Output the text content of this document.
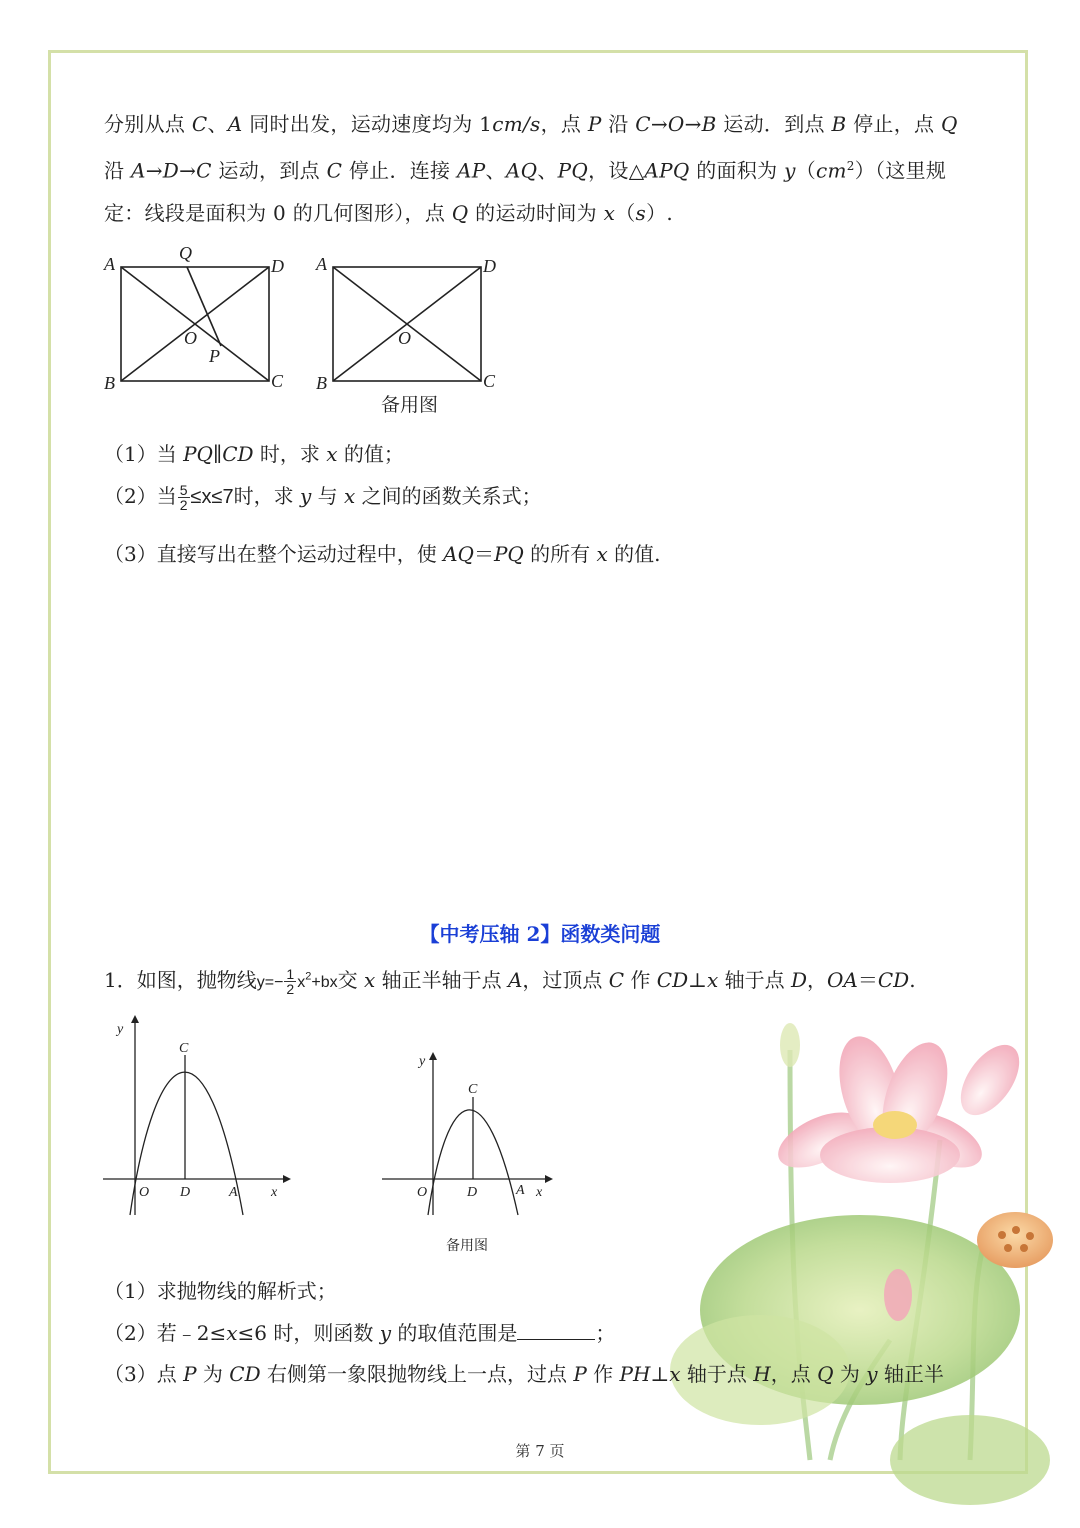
分别从点 C、A 同时出发，运动速度均为 1cm/s，点 P 沿 C→O→B 运动．到点 B 停止，点 Q
沿 A→D→C 运动，到点 C 停止．连接 AP、AQ、PQ，设△APQ 的面积为 $y(cm^2)$（这里规
定：线段是面积为 0 的几何图形），点 Q 的运动时间为 x（s）.
A
Q
D
O
P
B	C
A	D
O
B	C
备用图
（1）当 PQ∥CD 时，求 x 的值；
（2）当 $\frac{5}{2} \le x\le 7$时，求 y 与 x 之间的函数关系式；
（3）直接写出在整个运动过程中，使 AQ＝PQ 的所有 x 的值.
【中考压轴 2】函数类问题
1．如图，抛物线$y=- \frac{1}{2} x^2+bx$交 x 轴正半轴于点 A，过顶点 C 作 CD⊥x 轴于点 D，OA＝CD.
y
C
O D	A x
y
C
O	D	A x
备用图
（1）求抛物线的解析式；
（2）若﹣2≤x≤6 时，则函数 y 的取值范围是	；
（3）点 P 为 CD 右侧第一象限抛物线上一点，过点 P 作 PH⊥x 轴于点 H，点 Q 为 y 轴正半
第 7 页
